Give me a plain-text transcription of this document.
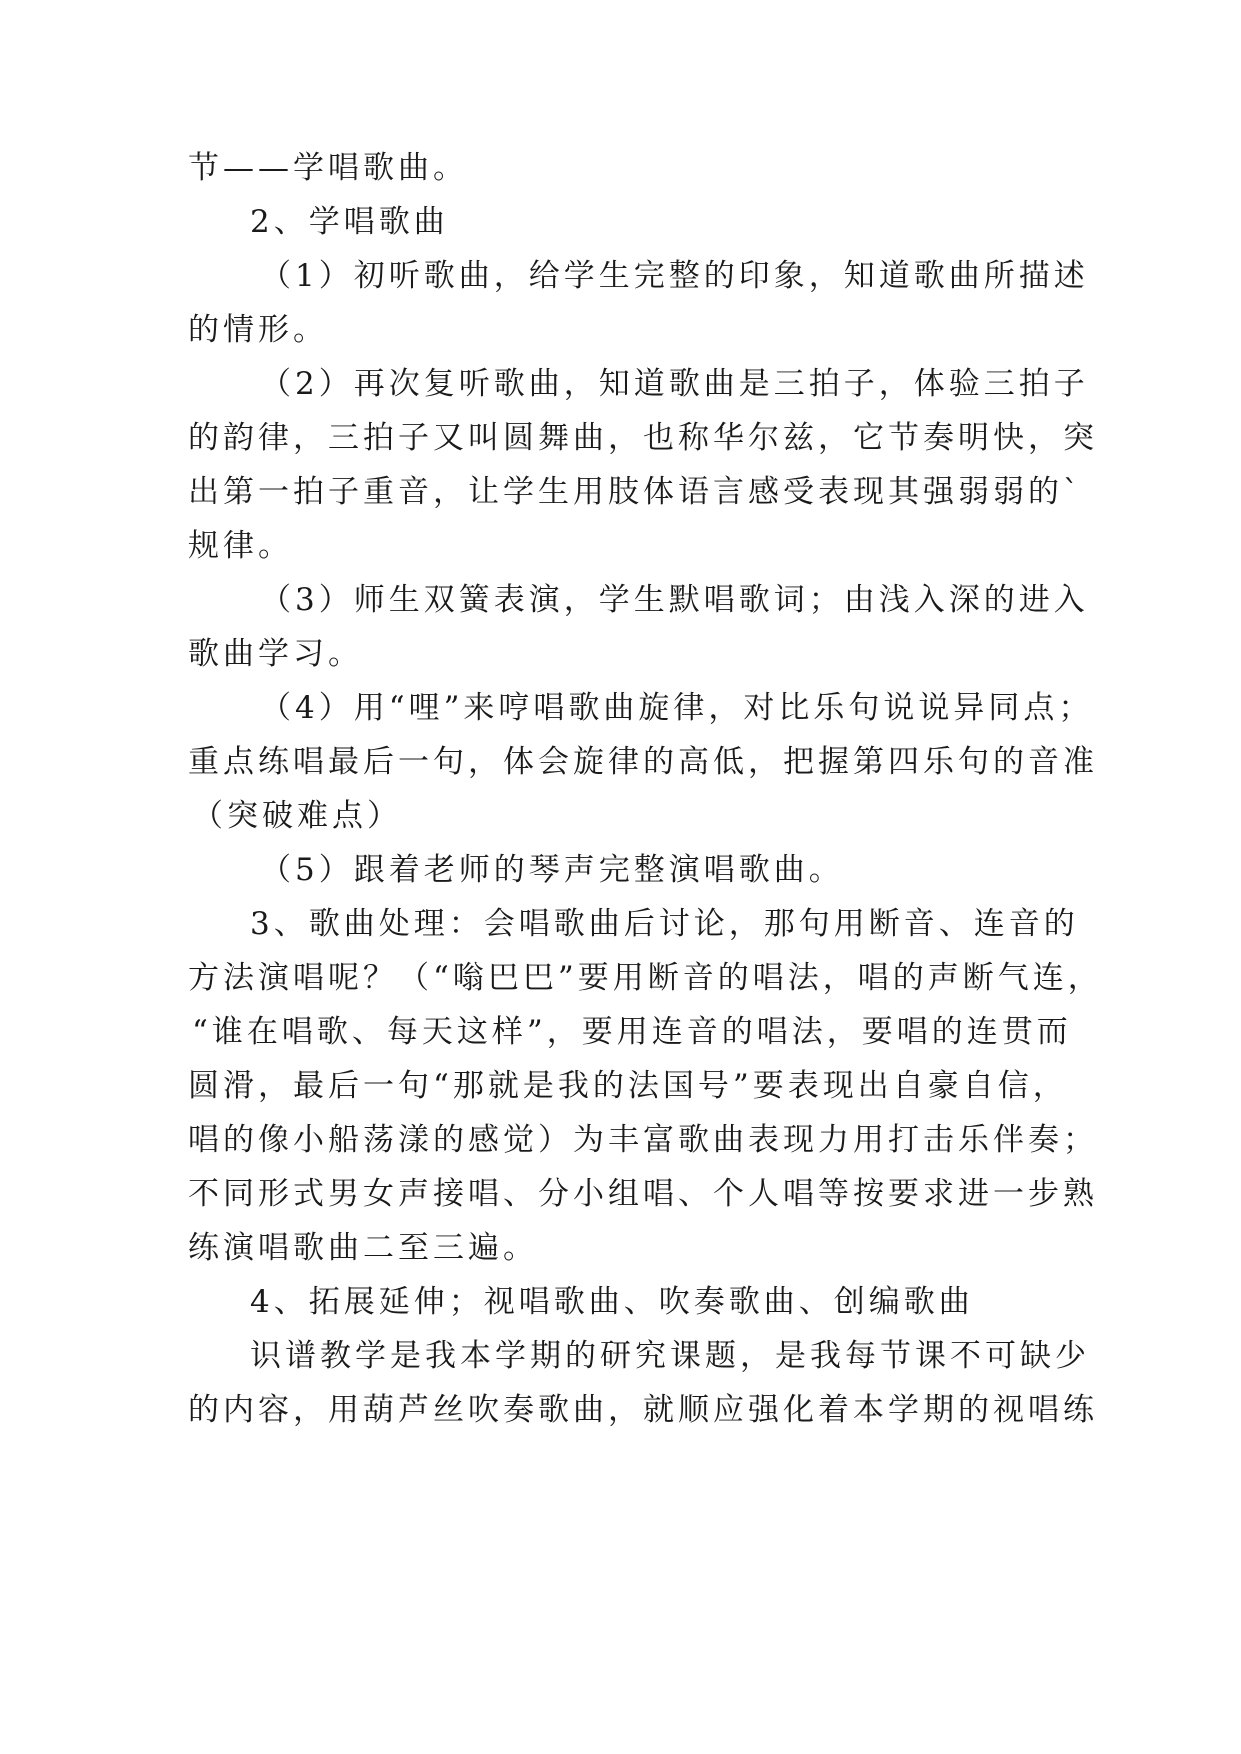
节——学唱歌曲。
2、学唱歌曲
（1）初听歌曲，给学生完整的印象，知道歌曲所描述
的情形。
（2）再次复听歌曲，知道歌曲是三拍子，体验三拍子
的韵律，三拍子又叫圆舞曲，也称华尔兹，它节奏明快，突
出第一拍子重音，让学生用肢体语言感受表现其强弱弱的`
规律。
（3）师生双簧表演，学生默唱歌词；由浅入深的进入
歌曲学习。
（4）用“哩”来哼唱歌曲旋律，对比乐句说说异同点；
重点练唱最后一句，体会旋律的高低，把握第四乐句的音准
（突破难点）
（5）跟着老师的琴声完整演唱歌曲。
3、歌曲处理：会唱歌曲后讨论，那句用断音、连音的
方法演唱呢？（“嗡巴巴”要用断音的唱法，唱的声断气连，
“谁在唱歌、每天这样”，要用连音的唱法，要唱的连贯而
圆滑，最后一句“那就是我的法国号”要表现出自豪自信，
唱的像小船荡漾的感觉）为丰富歌曲表现力用打击乐伴奏；
不同形式男女声接唱、分小组唱、个人唱等按要求进一步熟
练演唱歌曲二至三遍。
4、拓展延伸；视唱歌曲、吹奏歌曲、创编歌曲
识谱教学是我本学期的研究课题，是我每节课不可缺少
的内容，用葫芦丝吹奏歌曲，就顺应强化着本学期的视唱练
